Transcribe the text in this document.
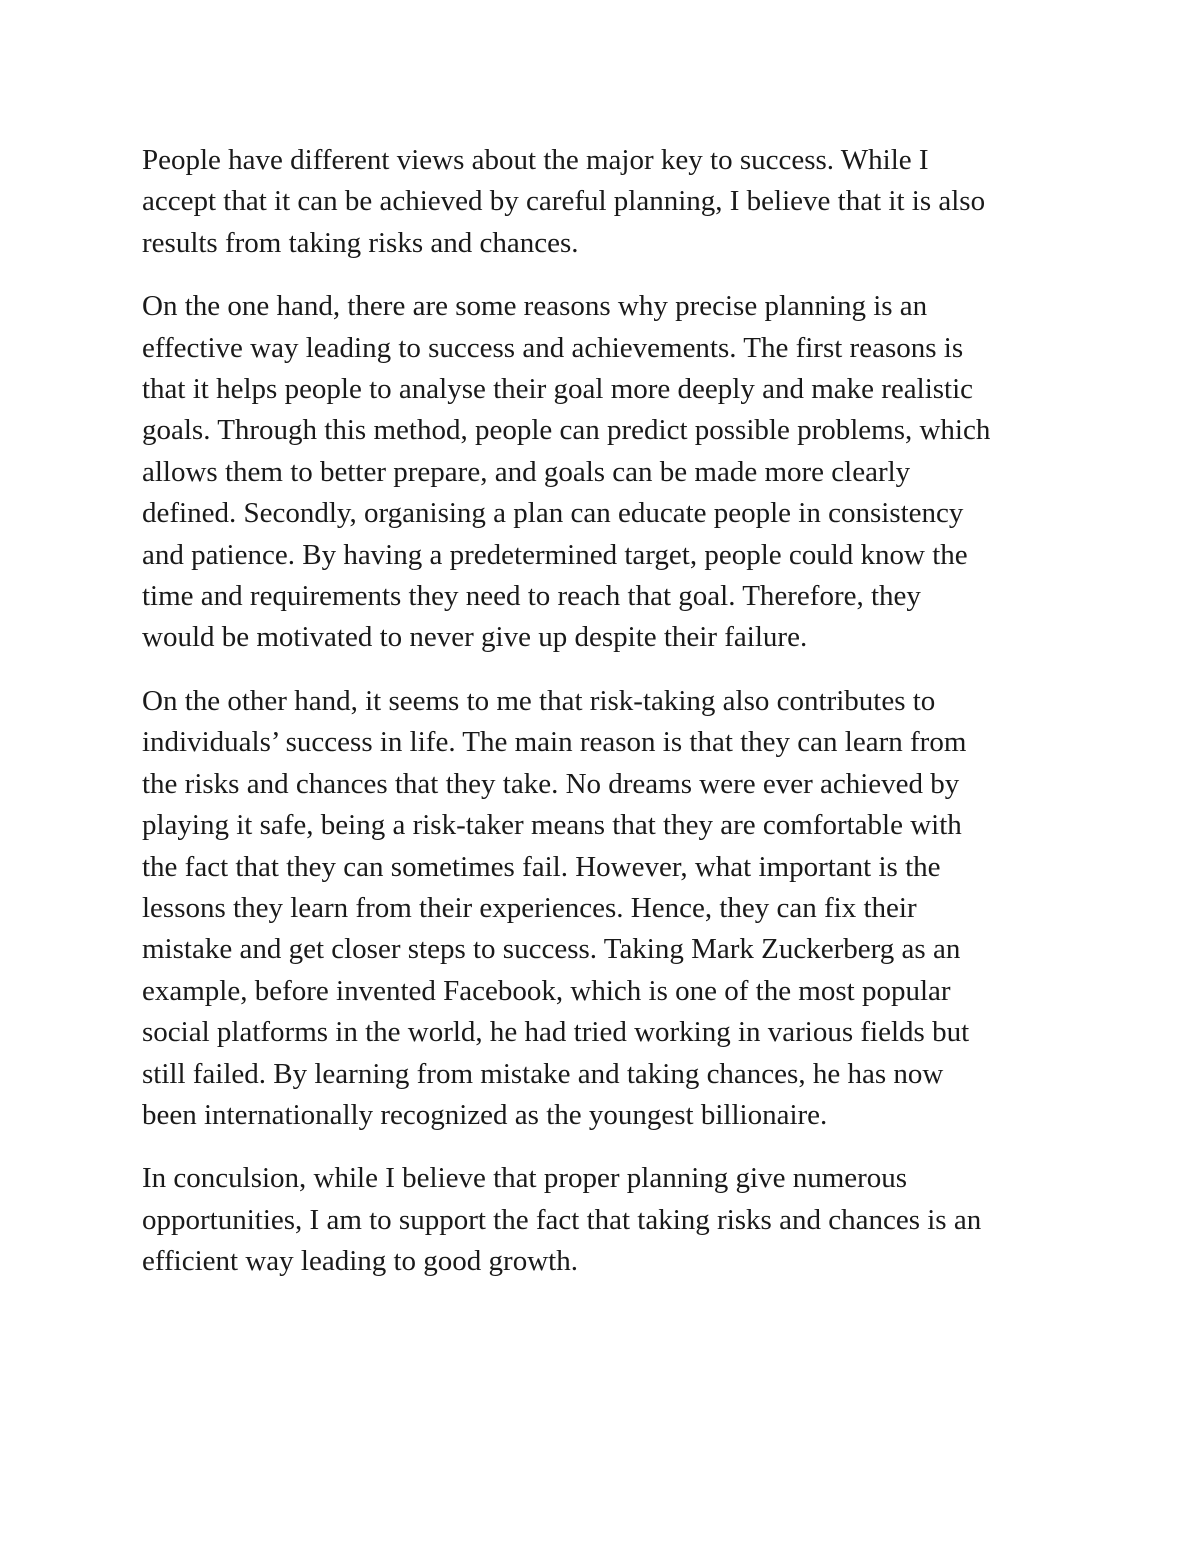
People have different views about the major key to success. While I
accept that it can be achieved by careful planning, I believe that it is also
results from taking risks and chances.

On the one hand, there are some reasons why precise planning is an
effective way leading to success and achievements. The first reasons is
that it helps people to analyse their goal more deeply and make realistic
goals. Through this method, people can predict possible problems, which
allows them to better prepare, and goals can be made more clearly
defined. Secondly, organising a plan can educate people in consistency
and patience. By having a predetermined target, people could know the
time and requirements they need to reach that goal. Therefore, they
would be motivated to never give up despite their failure.

On the other hand, it seems to me that risk-taking also contributes to
individuals’ success in life. The main reason is that they can learn from
the risks and chances that they take. No dreams were ever achieved by
playing it safe, being a risk-taker means that they are comfortable with
the fact that they can sometimes fail. However, what important is the
lessons they learn from their experiences. Hence, they can fix their
mistake and get closer steps to success. Taking Mark Zuckerberg as an
example, before invented Facebook, which is one of the most popular
social platforms in the world, he had tried working in various fields but
still failed. By learning from mistake and taking chances, he has now
been internationally recognized as the youngest billionaire.

In conculsion, while I believe that proper planning give numerous
opportunities, I am to support the fact that taking risks and chances is an
efficient way leading to good growth.
